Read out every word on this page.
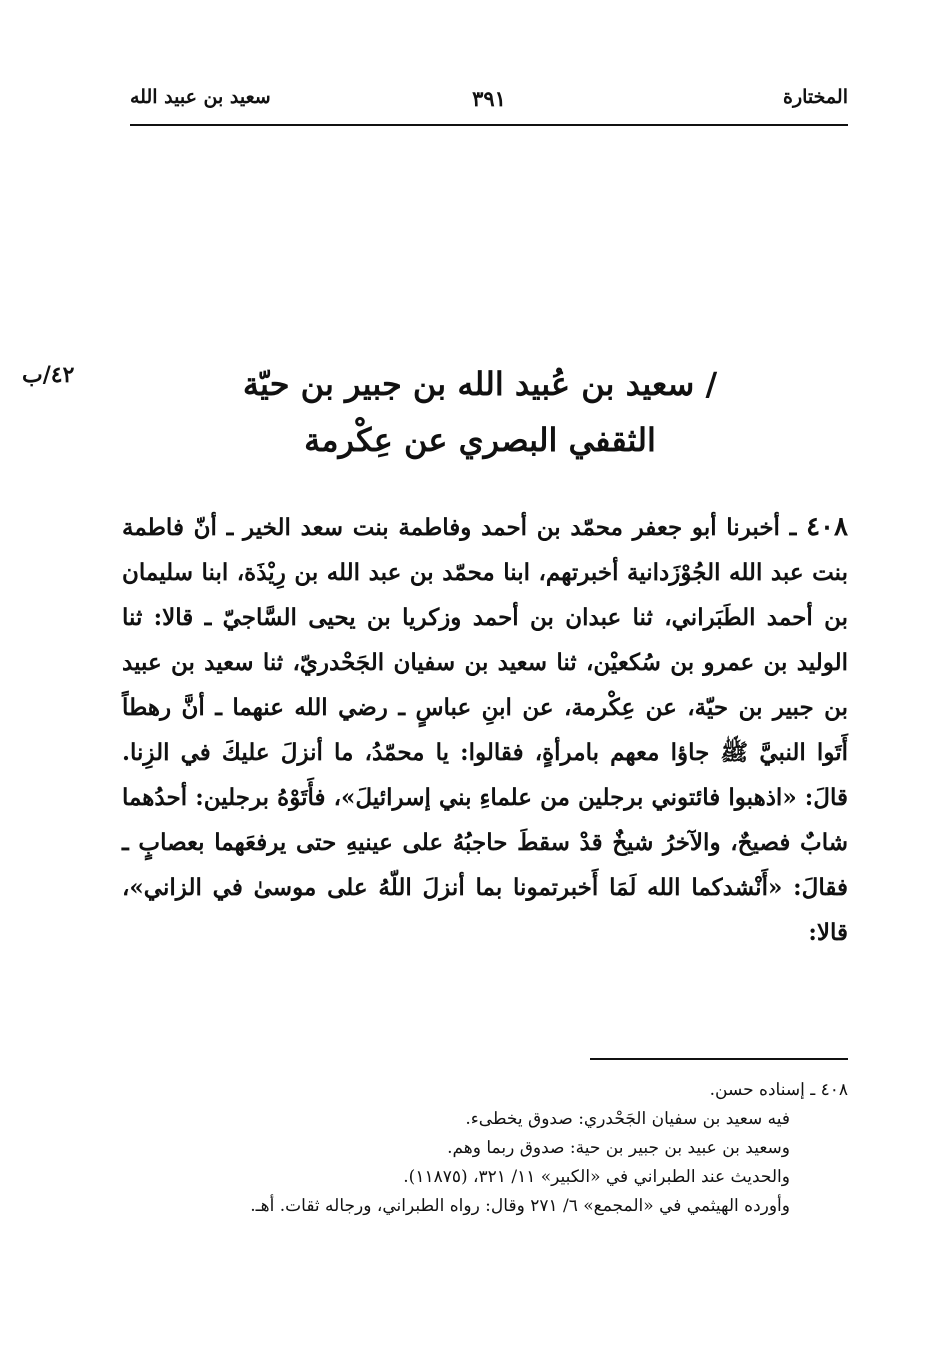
المختارة
٣٩١
سعيد بن عبيد الله
٤٢/ب	/ سعيد بن عُبيد الله بن جبير بن حيّة
الثقفي البصري عن عِكْرمة

٤٠٨ ـ أخبرنا أبو جعفر محمّد بن أحمد وفاطمة بنت سعد الخير ـ أنّ فاطمة بنت عبد الله الجُوْزَدانية أخبرتهم، ابنا محمّد بن عبد الله بن رِيْذَة، ابنا سليمان بن أحمد الطَبَراني، ثنا عبدان بن أحمد وزكريا بن يحيى السَّاجيّ ـ قالا: ثنا الوليد بن عمرو بن سُكعيْن، ثنا سعيد بن سفيان الجَحْدريّ، ثنا سعيد بن عبيد بن جبير بن حيّة، عن عِكْرمة، عن ابنِ عباسٍ ـ رضي الله عنهما ـ أنَّ رهطاً أَتَوا النبيَّ ﷺ جاؤا معهم بامرأةٍ، فقالوا: يا محمّدُ، ما أنزلَ عليكَ في الزِنا. قالَ: «اذهبوا فائتوني برجلين من علماءِ بني إسرائيلَ»، فأَتَوْهُ برجلين: أحدُهما شابٌ فصيحٌ، والآخرُ شيخٌ قدْ سقطَ حاجبُهُ على عينيهِ حتى يرفعَهما بعصابٍ ـ فقالَ: «أَنْشدكما الله لَمَا أَخبرتمونا بما أنزلَ اللّهُ على موسىٰ في الزاني»، قالا:

٤٠٨ ـ إسناده حسن.
فيه سعيد بن سفيان الجَحْدري: صدوق يخطىء.
وسعيد بن عبيد بن جبير بن حية: صدوق ربما وهم.
والحديث عند الطبراني في «الكبير» ١١/ ٣٢١، (١١٨٧٥).
وأورده الهيثمي في «المجمع» ٦/ ٢٧١ وقال: رواه الطبراني، ورجاله ثقات. أهـ.
